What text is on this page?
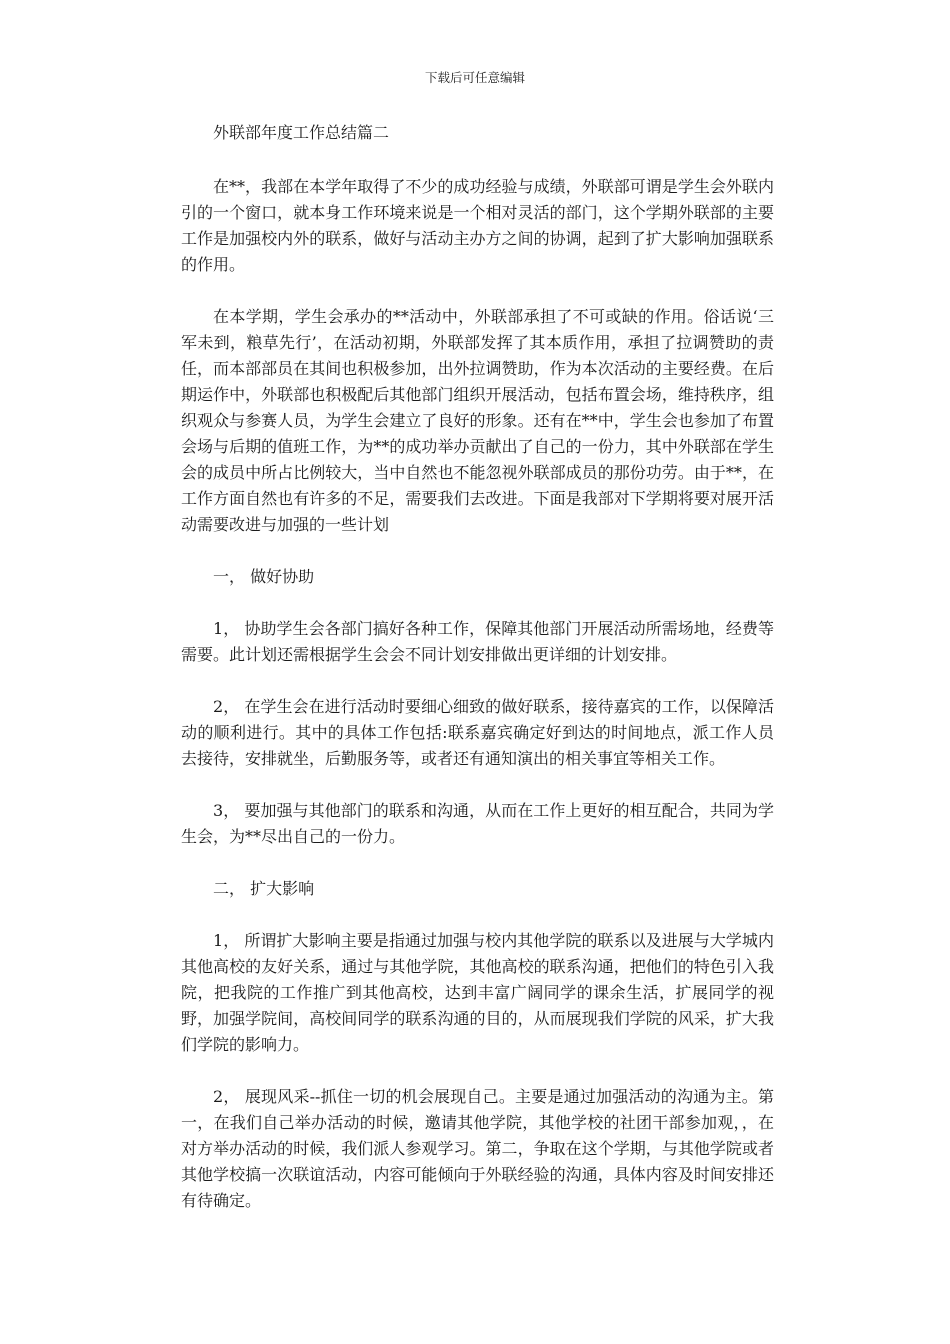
下载后可任意编辑
外联部年度工作总结篇二

在**，我部在本学年取得了不少的成功经验与成绩，外联部可谓是学生会外联内引的一个窗口，就本身工作环境来说是一个相对灵活的部门，这个学期外联部的主要工作是加强校内外的联系，做好与活动主办方之间的协调，起到了扩大影响加强联系的作用。

在本学期，学生会承办的**活动中，外联部承担了不可或缺的作用。俗话说‘三军未到，粮草先行’，在活动初期，外联部发挥了其本质作用，承担了拉调赞助的责任，而本部部员在其间也积极参加，出外拉调赞助，作为本次活动的主要经费。在后期运作中，外联部也积极配后其他部门组织开展活动，包括布置会场，维持秩序，组织观众与参赛人员，为学生会建立了良好的形象。还有在**中，学生会也参加了布置会场与后期的值班工作，为**的成功举办贡献出了自己的一份力，其中外联部在学生会的成员中所占比例较大，当中自然也不能忽视外联部成员的那份功劳。由于**，在工作方面自然也有许多的不足，需要我们去改进。下面是我部对下学期将要对展开活动需要改进与加强的一些计划

一， 做好协助

1， 协助学生会各部门搞好各种工作，保障其他部门开展活动所需场地，经费等需要。此计划还需根据学生会会不同计划安排做出更详细的计划安排。

2， 在学生会在进行活动时要细心细致的做好联系，接待嘉宾的工作，以保障活动的顺利进行。其中的具体工作包括:联系嘉宾确定好到达的时间地点，派工作人员去接待，安排就坐，后勤服务等，或者还有通知演出的相关事宜等相关工作。

3， 要加强与其他部门的联系和沟通，从而在工作上更好的相互配合，共同为学生会，为**尽出自己的一份力。

二， 扩大影响

1， 所谓扩大影响主要是指通过加强与校内其他学院的联系以及进展与大学城内其他高校的友好关系，通过与其他学院，其他高校的联系沟通，把他们的特色引入我院，把我院的工作推广到其他高校，达到丰富广阔同学的课余生活，扩展同学的视野，加强学院间，高校间同学的联系沟通的目的，从而展现我们学院的风采，扩大我们学院的影响力。

2， 展现风采--抓住一切的机会展现自己。主要是通过加强活动的沟通为主。第一，在我们自己举办活动的时候，邀请其他学院，其他学校的社团干部参加观，，在对方举办活动的时候，我们派人参观学习。第二，争取在这个学期，与其他学院或者其他学校搞一次联谊活动，内容可能倾向于外联经验的沟通，具体内容及时间安排还有待确定。
